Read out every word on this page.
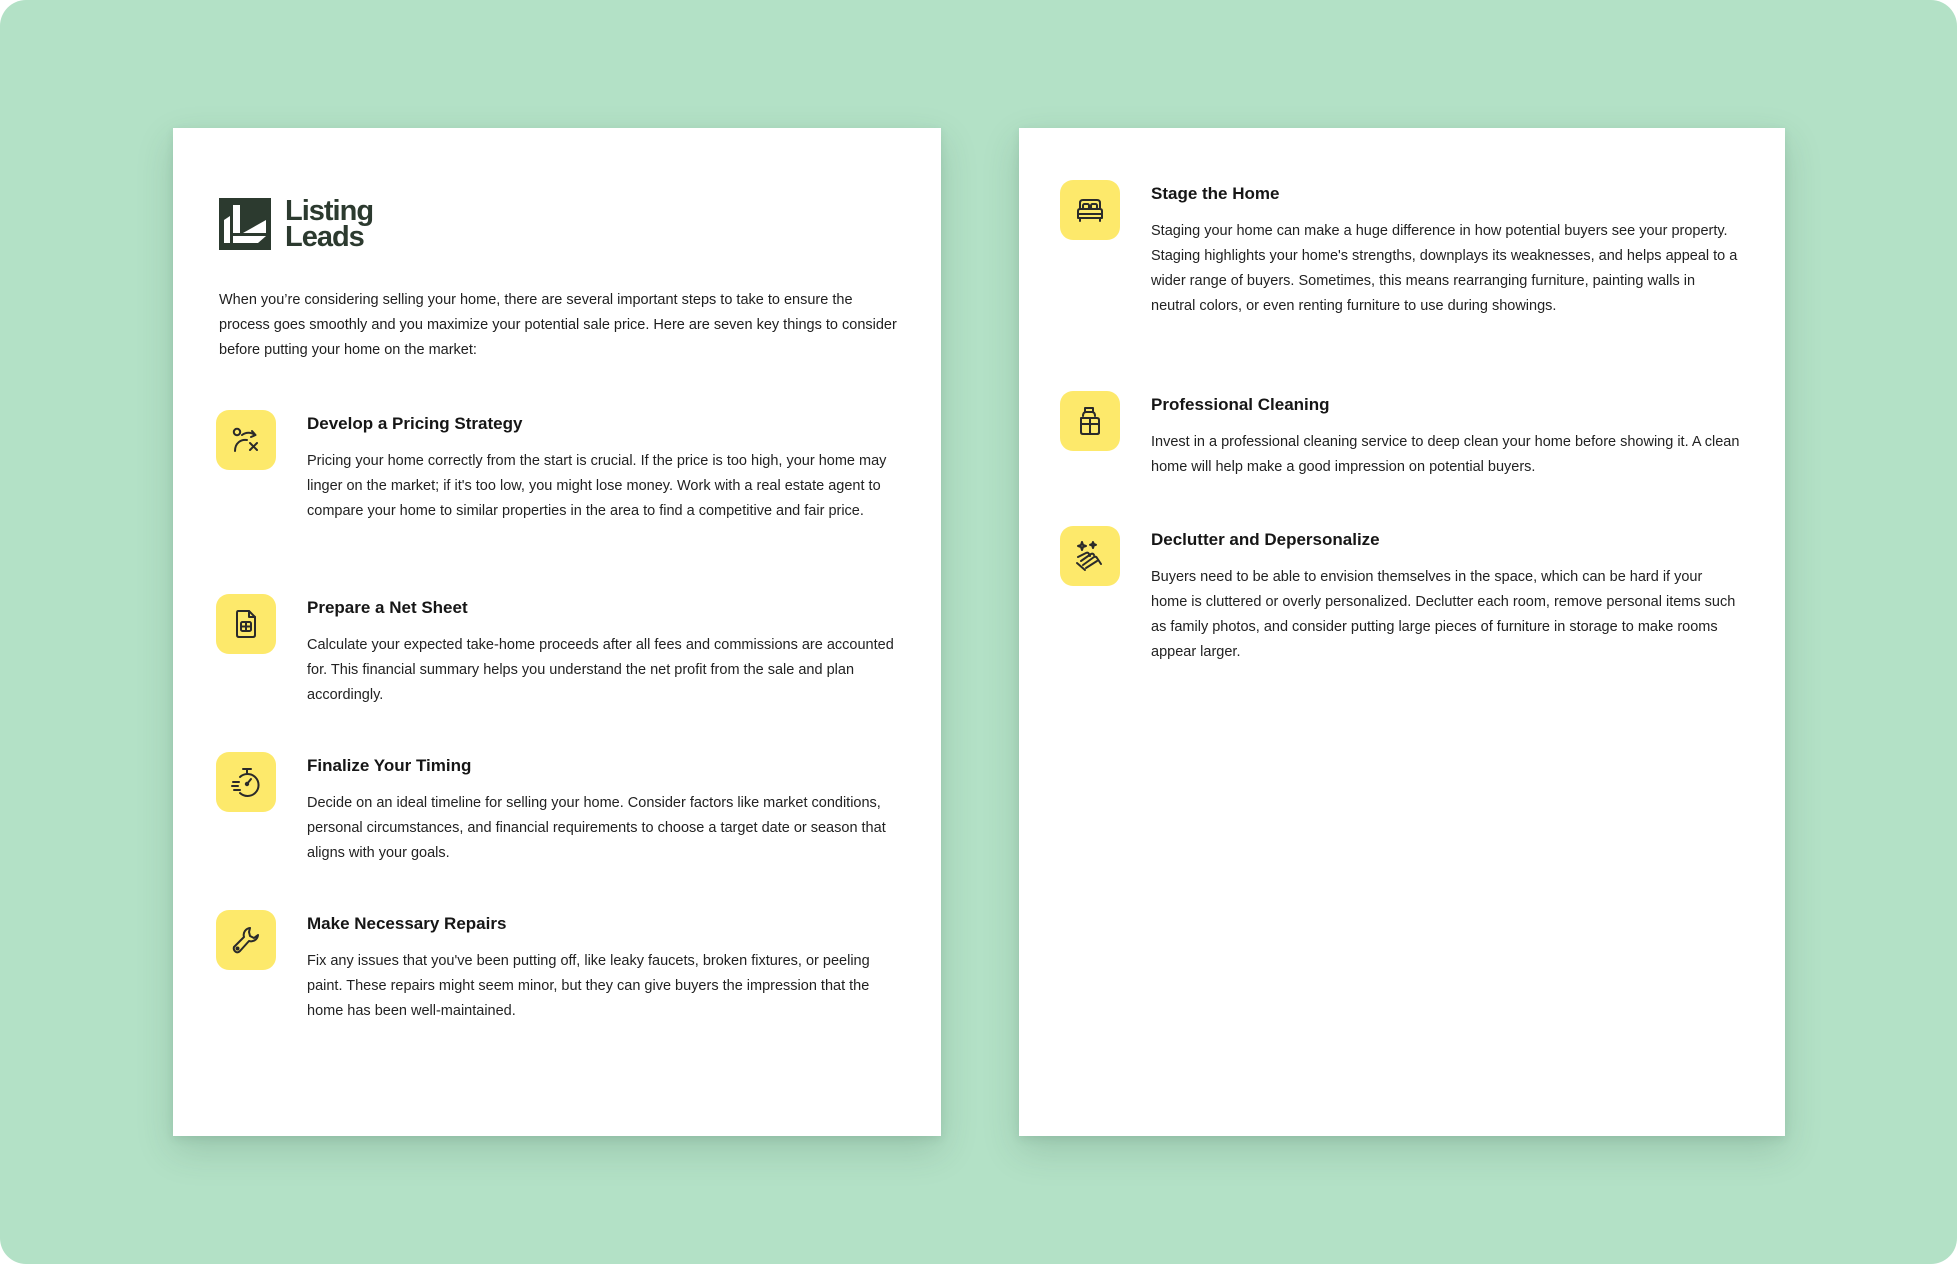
Listing
Leads

When you’re considering selling your home, there are several important steps to take to ensure the process goes smoothly and you maximize your potential sale price. Here are seven key things to consider before putting your home on the market:

Develop a Pricing Strategy
Pricing your home correctly from the start is crucial. If the price is too high, your home may linger on the market; if it's too low, you might lose money. Work with a real estate agent to compare your home to similar properties in the area to find a competitive and fair price.
Prepare a Net Sheet
Calculate your expected take-home proceeds after all fees and commissions are accounted for. This financial summary helps you understand the net profit from the sale and plan accordingly.
Finalize Your Timing
Decide on an ideal timeline for selling your home. Consider factors like market conditions, personal circumstances, and financial requirements to choose a target date or season that aligns with your goals.
Make Necessary Repairs
Fix any issues that you've been putting off, like leaky faucets, broken fixtures, or peeling paint. These repairs might seem minor, but they can give buyers the impression that the home has been well-maintained.
Stage the Home
Staging your home can make a huge difference in how potential buyers see your property. Staging highlights your home's strengths, downplays its weaknesses, and helps appeal to a wider range of buyers. Sometimes, this means rearranging furniture, painting walls in neutral colors, or even renting furniture to use during showings.
Professional Cleaning
Invest in a professional cleaning service to deep clean your home before showing it. A clean home will help make a good impression on potential buyers.
Declutter and Depersonalize
Buyers need to be able to envision themselves in the space, which can be hard if your home is cluttered or overly personalized. Declutter each room, remove personal items such as family photos, and consider putting large pieces of furniture in storage to make rooms appear larger.
